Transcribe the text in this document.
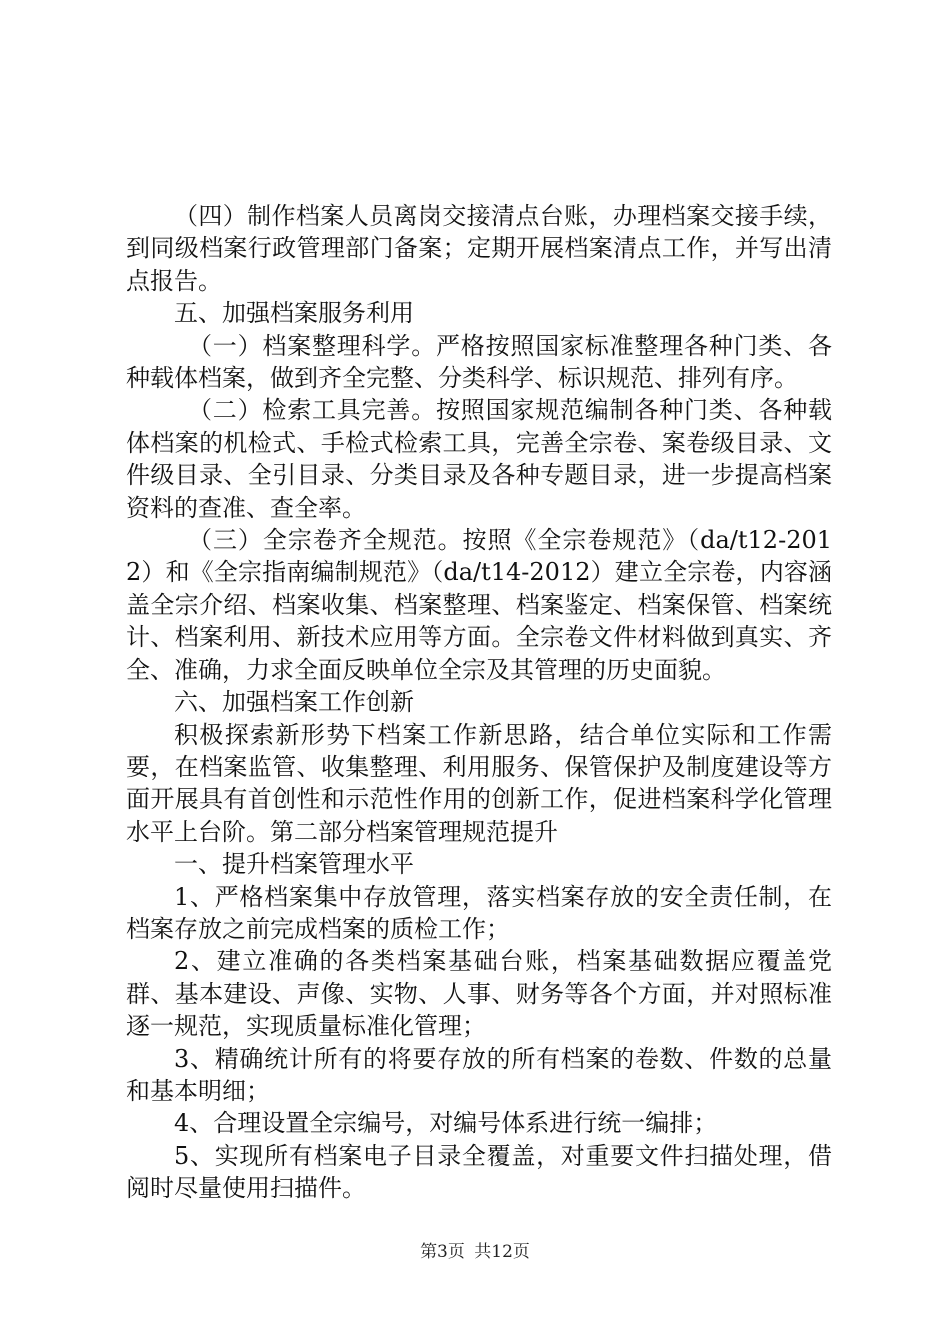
（四）制作档案人员离岗交接清点台账，办理档案交接手续，到同级档案行政管理部门备案；定期开展档案清点工作，并写出清点报告。

五、加强档案服务利用

（一）档案整理科学。严格按照国家标准整理各种门类、各种载体档案，做到齐全完整、分类科学、标识规范、排列有序。

（二）检索工具完善。按照国家规范编制各种门类、各种载体档案的机检式、手检式检索工具，完善全宗卷、案卷级目录、文件级目录、全引目录、分类目录及各种专题目录，进一步提高档案资料的查准、查全率。

（三）全宗卷齐全规范。按照《全宗卷规范》（da/t12-2012）和《全宗指南编制规范》（da/t14-2012）建立全宗卷，内容涵盖全宗介绍、档案收集、档案整理、档案鉴定、档案保管、档案统计、档案利用、新技术应用等方面。全宗卷文件材料做到真实、齐全、准确，力求全面反映单位全宗及其管理的历史面貌。

六、加强档案工作创新

积极探索新形势下档案工作新思路，结合单位实际和工作需要，在档案监管、收集整理、利用服务、保管保护及制度建设等方面开展具有首创性和示范性作用的创新工作，促进档案科学化管理水平上台阶。第二部分档案管理规范提升

一、提升档案管理水平

1、严格档案集中存放管理，落实档案存放的安全责任制，在档案存放之前完成档案的质检工作；

2、建立准确的各类档案基础台账，档案基础数据应覆盖党群、基本建设、声像、实物、人事、财务等各个方面，并对照标准逐一规范，实现质量标准化管理；

3、精确统计所有的将要存放的所有档案的卷数、件数的总量和基本明细；

4、合理设置全宗编号，对编号体系进行统一编排；

5、实现所有档案电子目录全覆盖，对重要文件扫描处理，借阅时尽量使用扫描件。

第3页 共12页
